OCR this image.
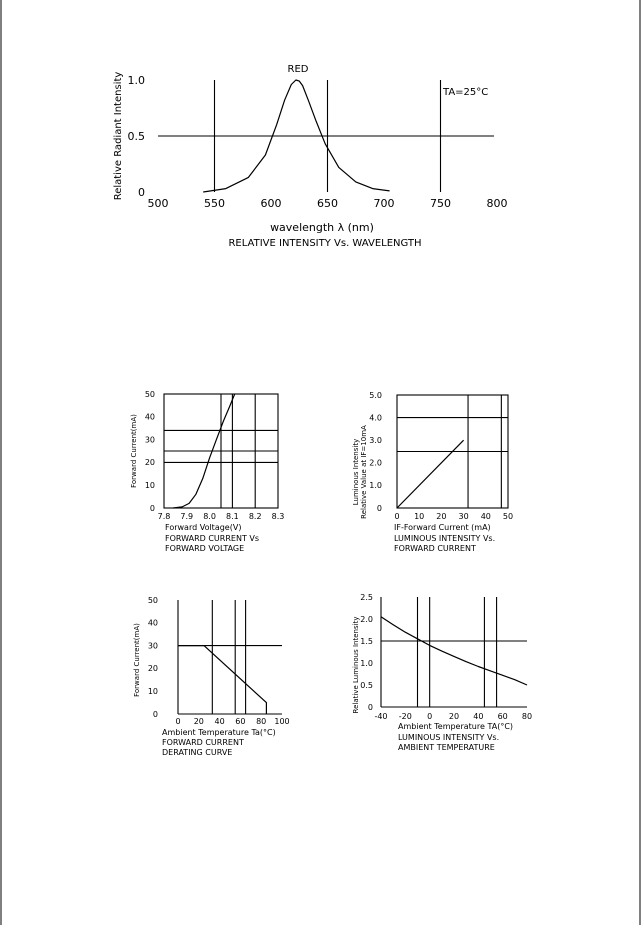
500	550	600	650	700	750	800
0
0.5
1.0
wavelength λ (nm)
RELATIVE INTENSITY Vs. WAVELENGTH
Relative Radiant Intensity
RED
TA=25°C
7.8 7.9 8.0 8.1 8.2 8.3
0
10
20
30
40
50
Forward Voltage(V)
FORWARD CURRENT Vs
FORWARD VOLTAGE
Forward Current(mA)
0 10 20 30 40 50
0
1.0
2.0
3.0
4.0
5.0
IF-Forward Current (mA)
LUMINOUS INTENSITY Vs.
FORWARD CURRENT
Luminous Intensity Relative Value at IF=10mA
0 20 40 60 80 100
0
10
20
30
40
50
Ambient Temperature Ta(°C)
FORWARD CURRENT
DERATING CURVE
Forward Current(mA)
-40 -20 0 20 40 60 80
0
0.5
1.0
1.5
2.0
2.5
Ambient Temperature TA(°C)
LUMINOUS INTENSITY Vs.
AMBIENT TEMPERATURE
Relative Luminous Intensity
